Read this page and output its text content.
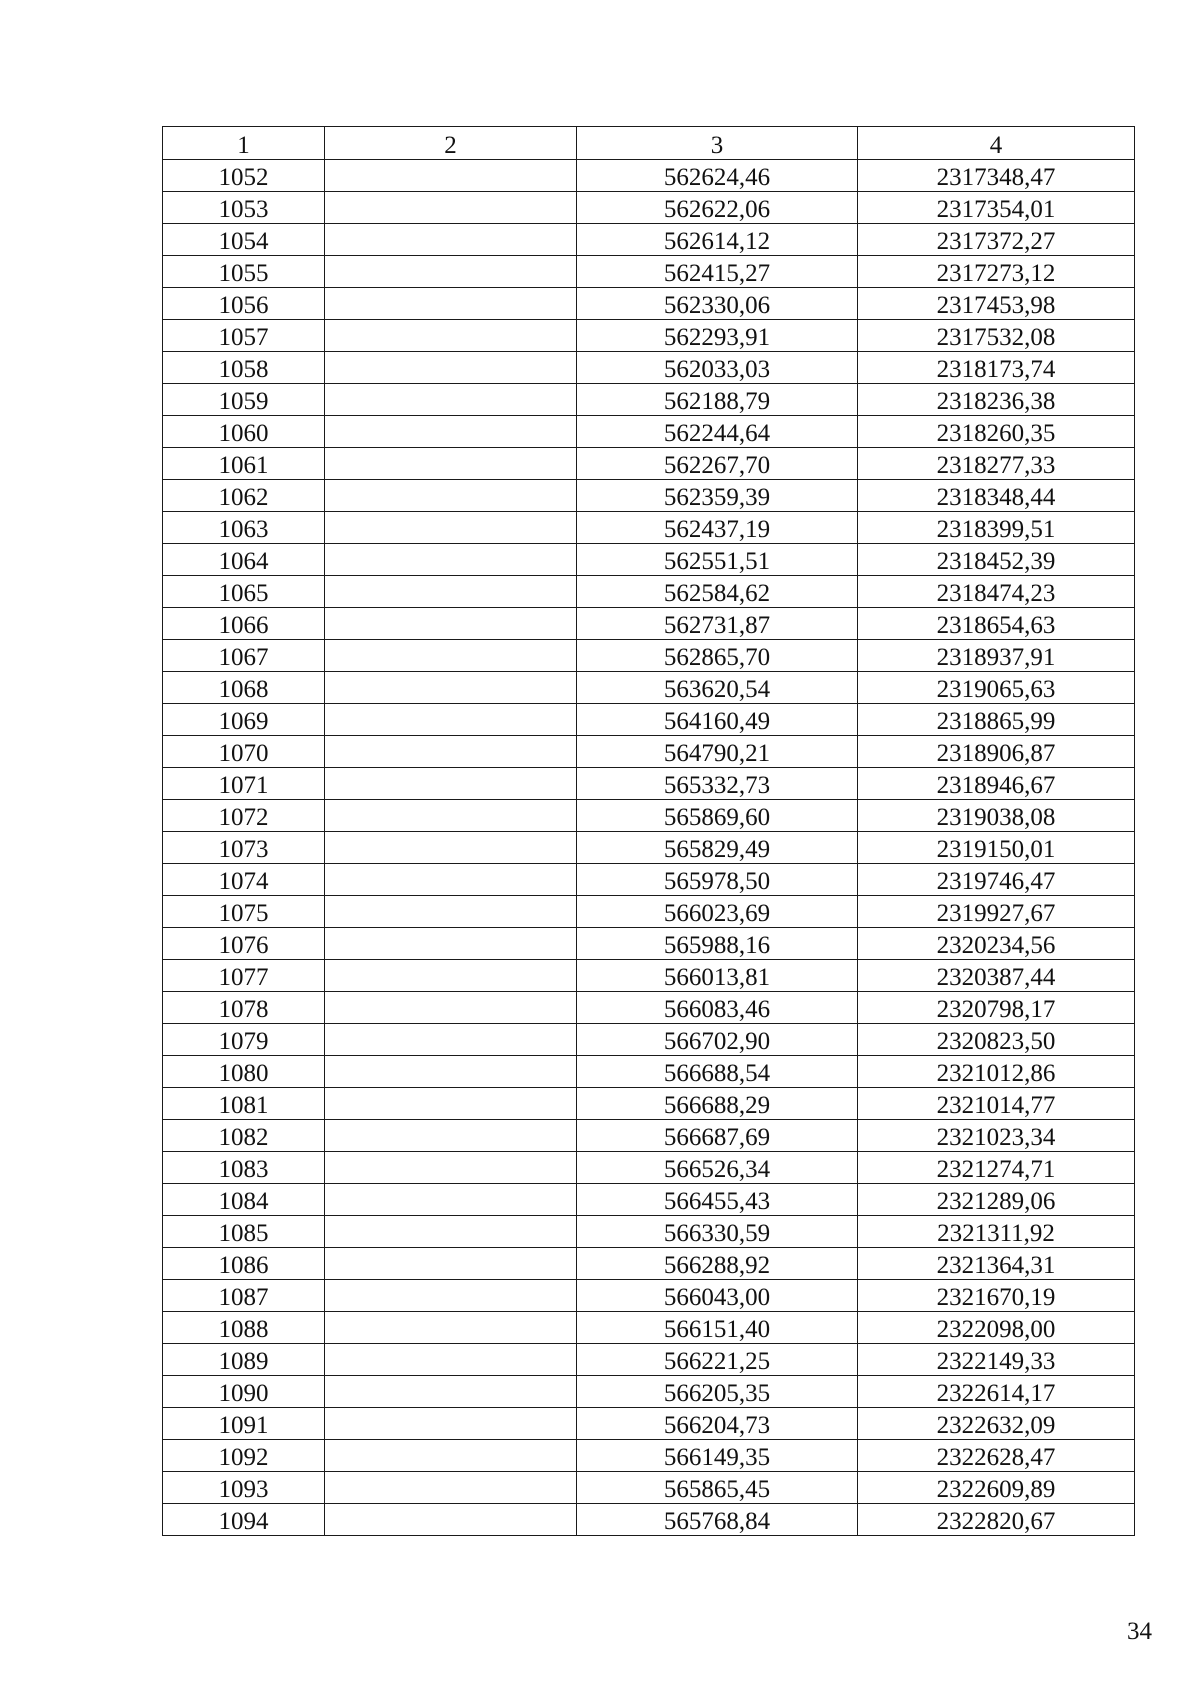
1	2	3	4
1052		562624,46	2317348,47
1053		562622,06	2317354,01
1054		562614,12	2317372,27
1055		562415,27	2317273,12
1056		562330,06	2317453,98
1057		562293,91	2317532,08
1058		562033,03	2318173,74
1059		562188,79	2318236,38
1060		562244,64	2318260,35
1061		562267,70	2318277,33
1062		562359,39	2318348,44
1063		562437,19	2318399,51
1064		562551,51	2318452,39
1065		562584,62	2318474,23
1066		562731,87	2318654,63
1067		562865,70	2318937,91
1068		563620,54	2319065,63
1069		564160,49	2318865,99
1070		564790,21	2318906,87
1071		565332,73	2318946,67
1072		565869,60	2319038,08
1073		565829,49	2319150,01
1074		565978,50	2319746,47
1075		566023,69	2319927,67
1076		565988,16	2320234,56
1077		566013,81	2320387,44
1078		566083,46	2320798,17
1079		566702,90	2320823,50
1080		566688,54	2321012,86
1081		566688,29	2321014,77
1082		566687,69	2321023,34
1083		566526,34	2321274,71
1084		566455,43	2321289,06
1085		566330,59	2321311,92
1086		566288,92	2321364,31
1087		566043,00	2321670,19
1088		566151,40	2322098,00
1089		566221,25	2322149,33
1090		566205,35	2322614,17
1091		566204,73	2322632,09
1092		566149,35	2322628,47
1093		565865,45	2322609,89
1094		565768,84	2322820,67
34
